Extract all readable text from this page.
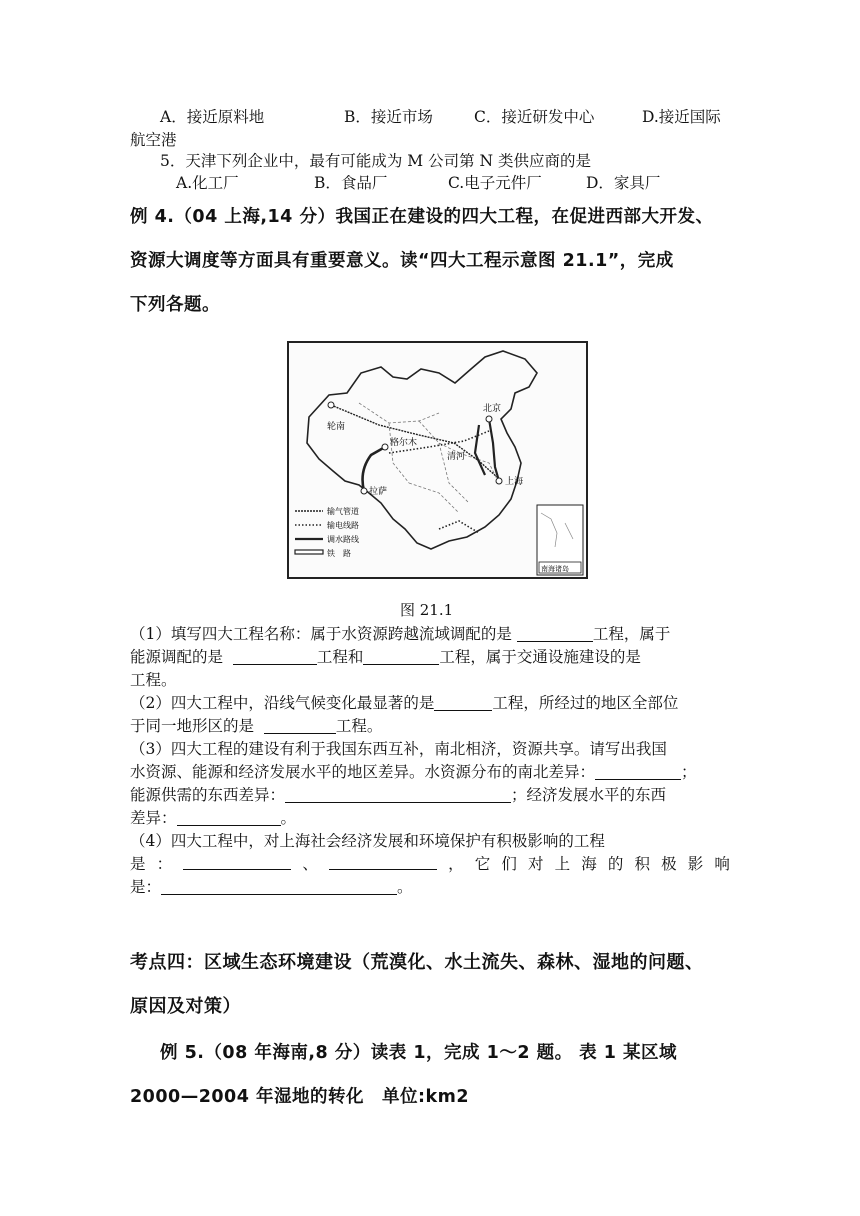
A．接近原料地	B．接近市场	C．接近研发中心	D.接近国际
航空港
5．天津下列企业中，最有可能成为 M 公司第 N 类供应商的是
A.化工厂	B．食品厂	C.电子元件厂	D．家具厂
例 4.（04 上海,14 分）我国正在建设的四大工程，在促进西部大开发、
资源大调度等方面具有重要意义。读“四大工程示意图 21.1”，完成
下列各题。
轮南
北京
格尔木
清河
拉萨
上海
输气管道
输电线路
调水路线
铁　路
南海诸岛
图 21.1
（1）填写四大工程名称：属于水资源跨越流域调配的是	工程，属于
能源调配的是	工程和	工程，属于交通设施建设的是
工程。
（2）四大工程中，沿线气候变化最显著的是	工程，所经过的地区全部位
于同一地形区的是	工程。
（3）四大工程的建设有利于我国东西互补，南北相济，资源共享。请写出我国
水资源、能源和经济发展水平的地区差异。水资源分布的南北差异：	；
能源供需的东西差异：	；经济发展水平的东西
差异：	。
（4）四大工程中，对上海社会经济发展和环境保护有积极影响的工程
是 ：	、	， 它 们 对 上 海 的 积 极 影 响
是：	。
考点四：区域生态环境建设（荒漠化、水土流失、森林、湿地的问题、
原因及对策）
例 5.（08 年海南,8 分）读表 1，完成 1～2 题。 表 1 某区域
2000—2004 年湿地的转化　单位:km2
